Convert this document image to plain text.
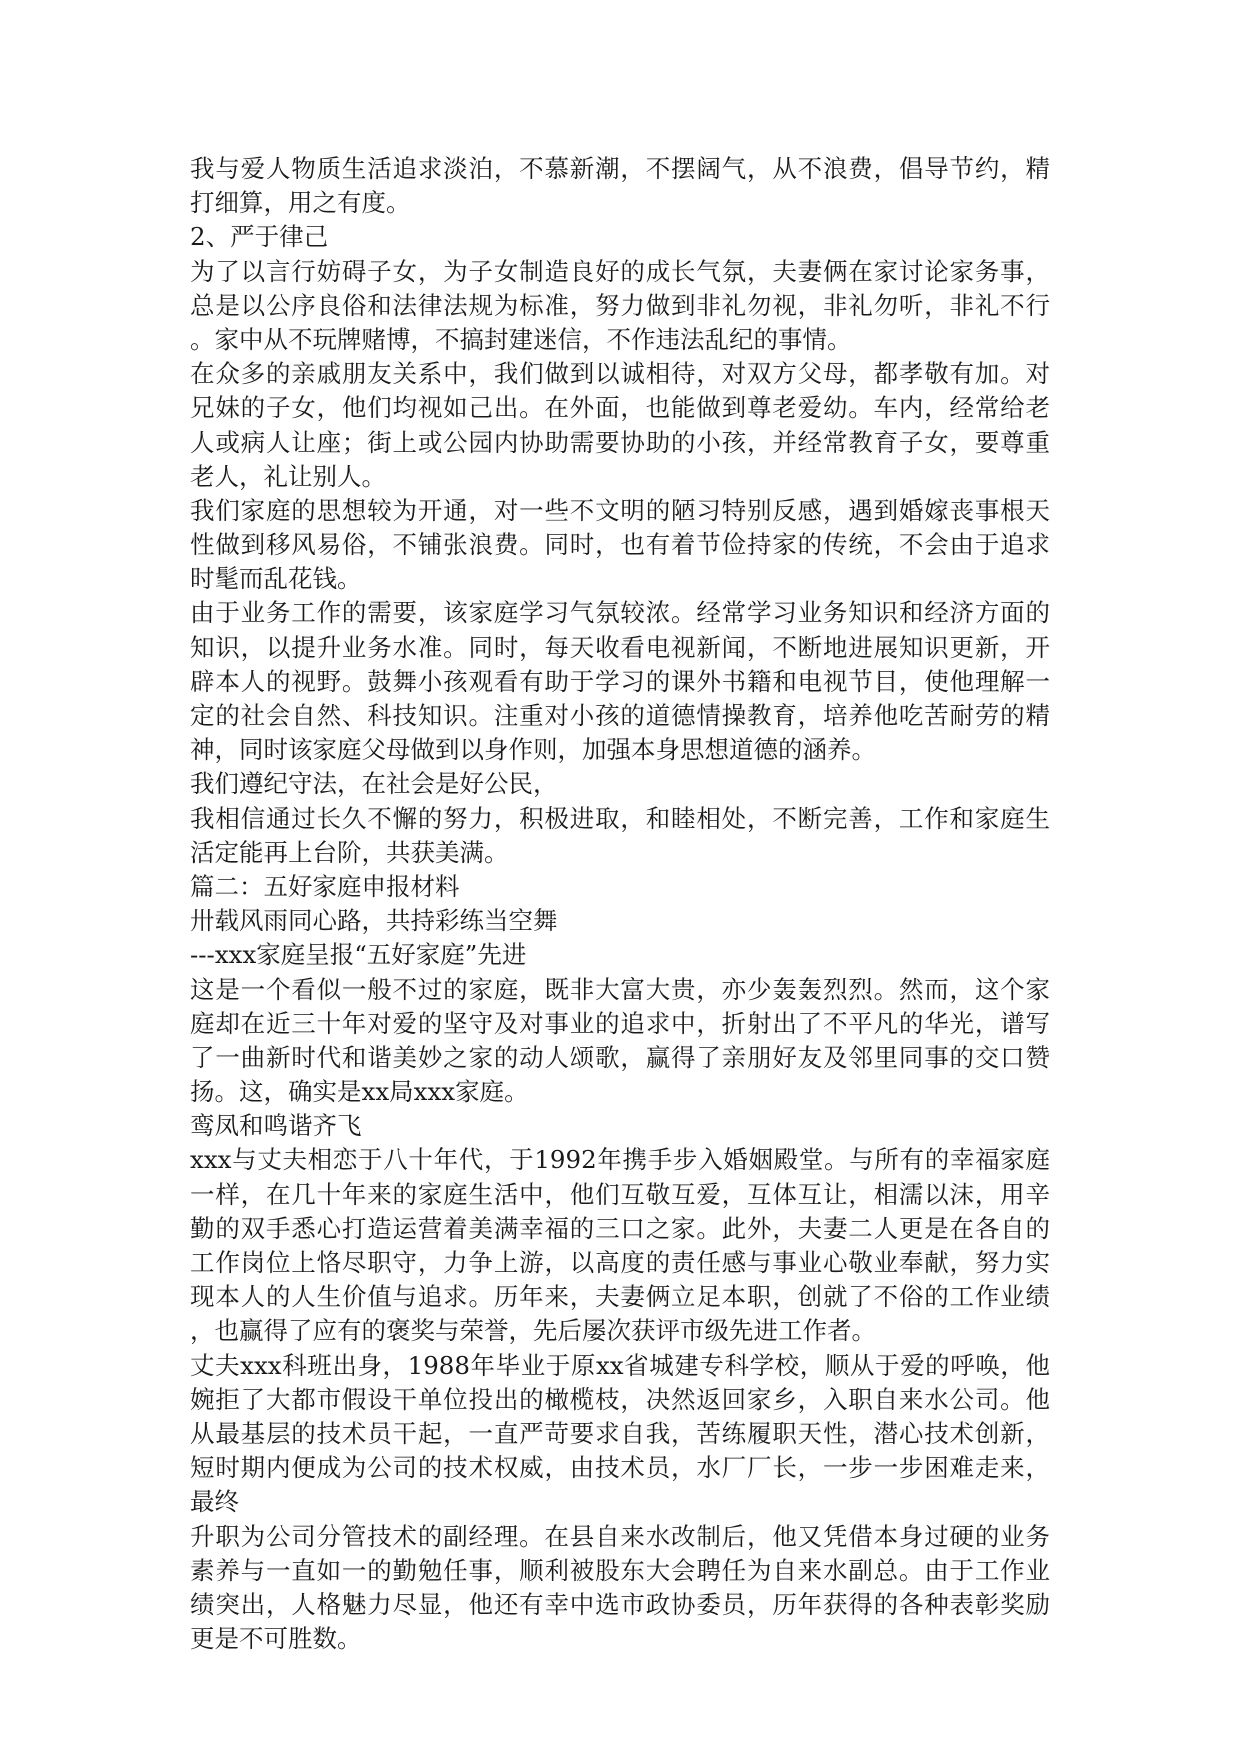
我与爱人物质生活追求淡泊，不慕新潮，不摆阔气，从不浪费，倡导节约，精
打细算，用之有度。
2、严于律己
为了以言行妨碍子女，为子女制造良好的成长气氛，夫妻俩在家讨论家务事，
总是以公序良俗和法律法规为标准，努力做到非礼勿视，非礼勿听，非礼不行
。家中从不玩牌赌博，不搞封建迷信，不作违法乱纪的事情。
在众多的亲戚朋友关系中，我们做到以诚相待，对双方父母，都孝敬有加。对
兄妹的子女，他们均视如己出。在外面，也能做到尊老爱幼。车内，经常给老
人或病人让座；街上或公园内协助需要协助的小孩，并经常教育子女，要尊重
老人，礼让别人。
我们家庭的思想较为开通，对一些不文明的陋习特别反感，遇到婚嫁丧事根天
性做到移风易俗，不铺张浪费。同时，也有着节俭持家的传统，不会由于追求
时髦而乱花钱。
由于业务工作的需要，该家庭学习气氛较浓。经常学习业务知识和经济方面的
知识，以提升业务水准。同时，每天收看电视新闻，不断地进展知识更新，开
辟本人的视野。鼓舞小孩观看有助于学习的课外书籍和电视节目，使他理解一
定的社会自然、科技知识。注重对小孩的道德情操教育，培养他吃苦耐劳的精
神，同时该家庭父母做到以身作则，加强本身思想道德的涵养。
我们遵纪守法，在社会是好公民，
我相信通过长久不懈的努力，积极进取，和睦相处，不断完善，工作和家庭生
活定能再上台阶，共获美满。
篇二：五好家庭申报材料
卅载风雨同心路，共持彩练当空舞
---xxx家庭呈报“五好家庭”先进
这是一个看似一般不过的家庭，既非大富大贵，亦少轰轰烈烈。然而，这个家
庭却在近三十年对爱的坚守及对事业的追求中，折射出了不平凡的华光，谱写
了一曲新时代和谐美妙之家的动人颂歌，赢得了亲朋好友及邻里同事的交口赞
扬。这，确实是xx局xxx家庭。
鸾凤和鸣谐齐飞
xxx与丈夫相恋于八十年代，于1992年携手步入婚姻殿堂。与所有的幸福家庭
一样，在几十年来的家庭生活中，他们互敬互爱，互体互让，相濡以沫，用辛
勤的双手悉心打造运营着美满幸福的三口之家。此外，夫妻二人更是在各自的
工作岗位上恪尽职守，力争上游，以高度的责任感与事业心敬业奉献，努力实
现本人的人生价值与追求。历年来，夫妻俩立足本职，创就了不俗的工作业绩
，也赢得了应有的褒奖与荣誉，先后屡次获评市级先进工作者。
丈夫xxx科班出身，1988年毕业于原xx省城建专科学校，顺从于爱的呼唤，他
婉拒了大都市假设干单位投出的橄榄枝，决然返回家乡，入职自来水公司。他
从最基层的技术员干起，一直严苛要求自我，苦练履职天性，潜心技术创新，
短时期内便成为公司的技术权威，由技术员，水厂厂长，一步一步困难走来，
最终
升职为公司分管技术的副经理。在县自来水改制后，他又凭借本身过硬的业务
素养与一直如一的勤勉任事，顺利被股东大会聘任为自来水副总。由于工作业
绩突出，人格魅力尽显，他还有幸中选市政协委员，历年获得的各种表彰奖励
更是不可胜数。
